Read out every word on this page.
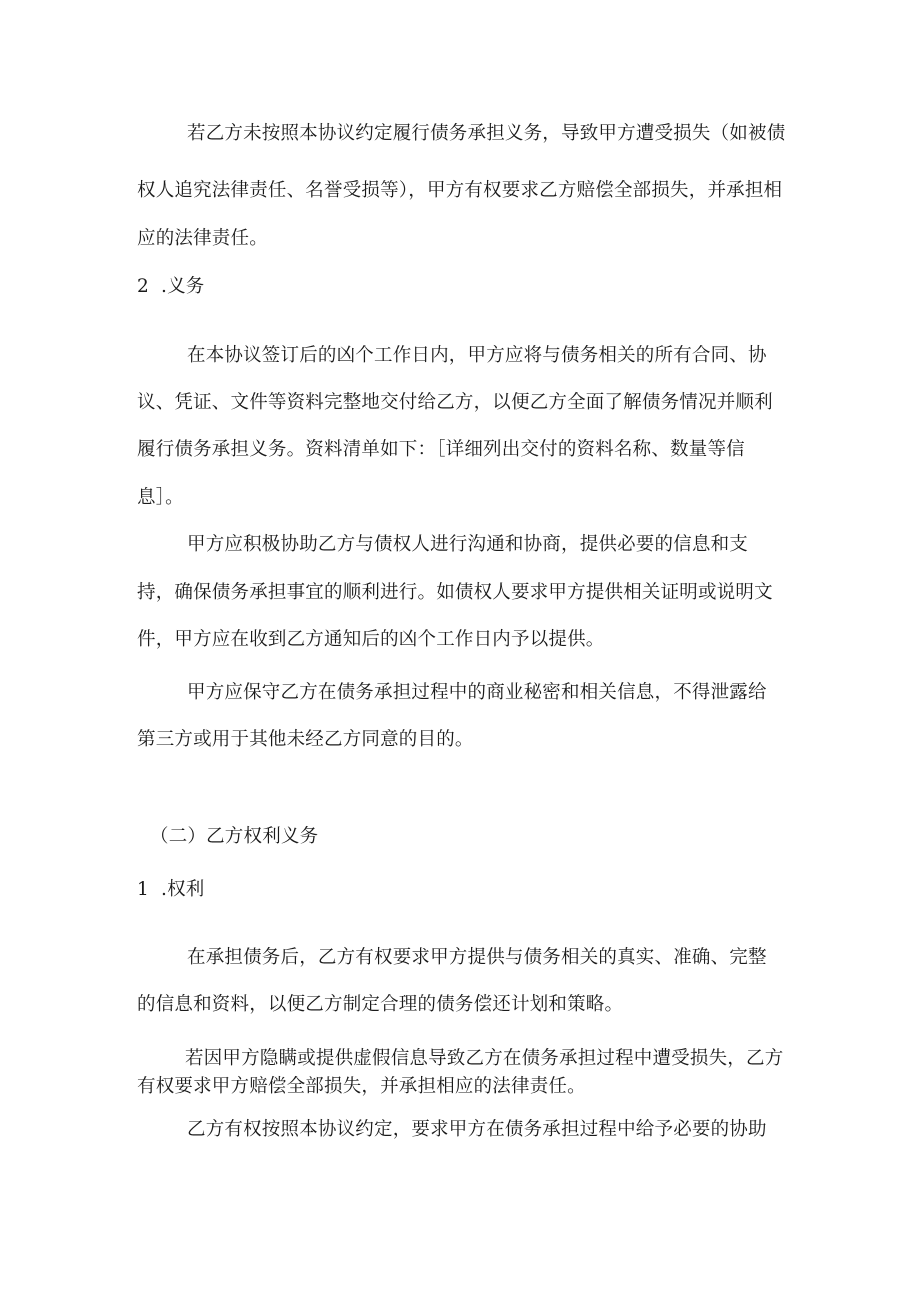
若乙方未按照本协议约定履行债务承担义务，导致甲方遭受损失（如被债
权人追究法律责任、名誉受损等），甲方有权要求乙方赔偿全部损失，并承担相
应的法律责任。
2 .义务
在本协议签订后的凶个工作日内，甲方应将与债务相关的所有合同、协
议、凭证、文件等资料完整地交付给乙方，以便乙方全面了解债务情况并顺利
履行债务承担义务。资料清单如下：［详细列出交付的资料名称、数量等信
息］。
甲方应积极协助乙方与债权人进行沟通和协商，提供必要的信息和支
持，确保债务承担事宜的顺利进行。如债权人要求甲方提供相关证明或说明文
件，甲方应在收到乙方通知后的凶个工作日内予以提供。
甲方应保守乙方在债务承担过程中的商业秘密和相关信息，不得泄露给
第三方或用于其他未经乙方同意的目的。
（二）乙方权利义务
1 .权利
在承担债务后，乙方有权要求甲方提供与债务相关的真实、准确、完整
的信息和资料，以便乙方制定合理的债务偿还计划和策略。
若因甲方隐瞒或提供虚假信息导致乙方在债务承担过程中遭受损失，乙方
有权要求甲方赔偿全部损失，并承担相应的法律责任。
乙方有权按照本协议约定，要求甲方在债务承担过程中给予必要的协助
